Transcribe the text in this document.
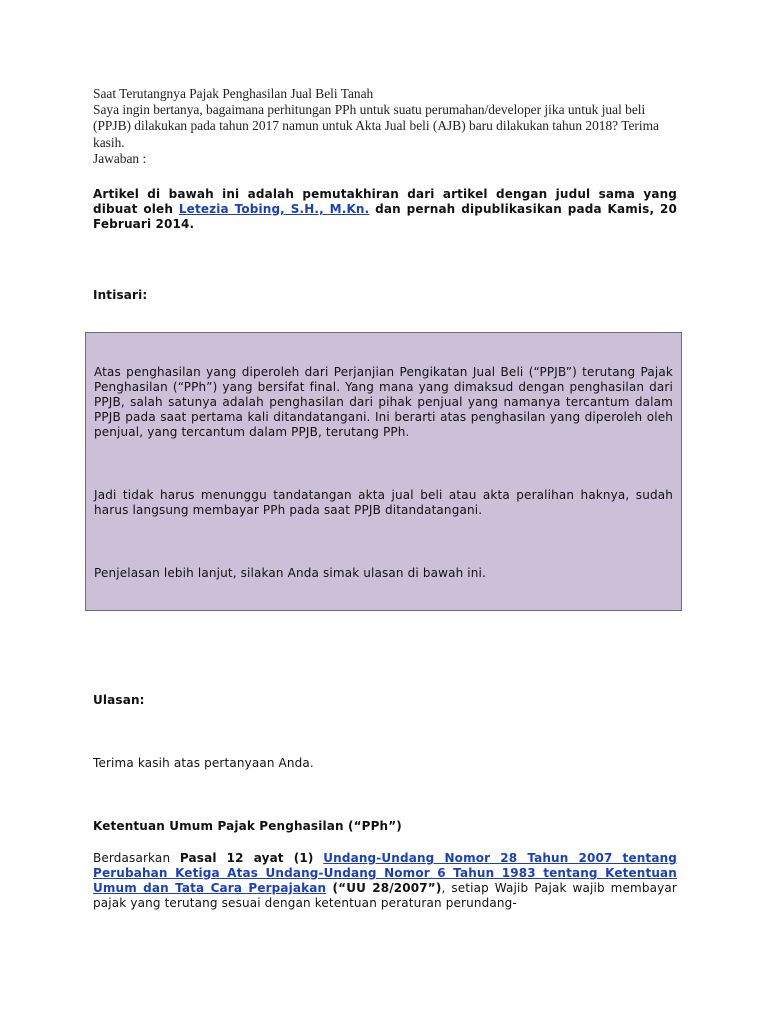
Saat Terutangnya Pajak Penghasilan Jual Beli Tanah

Saya ingin bertanya, bagaimana perhitungan PPh untuk suatu perumahan/developer jika untuk jual beli (PPJB) dilakukan pada tahun 2017 namun untuk Akta Jual beli (AJB) baru dilakukan tahun 2018? Terima kasih.

Jawaban :

Artikel di bawah ini adalah pemutakhiran dari artikel dengan judul sama yang dibuat oleh Letezia Tobing, S.H., M.Kn. dan pernah dipublikasikan pada Kamis, 20 Februari 2014.

Intisari:

Atas penghasilan yang diperoleh dari Perjanjian Pengikatan Jual Beli (“PPJB”) terutang Pajak Penghasilan (“PPh”) yang bersifat final. Yang mana yang dimaksud dengan penghasilan dari PPJB, salah satunya adalah penghasilan dari pihak penjual yang namanya tercantum dalam PPJB pada saat pertama kali ditandatangani. Ini berarti atas penghasilan yang diperoleh oleh penjual, yang tercantum dalam PPJB, terutang PPh.

Jadi tidak harus menunggu tandatangan akta jual beli atau akta peralihan haknya, sudah harus langsung membayar PPh pada saat PPJB ditandatangani.

Penjelasan lebih lanjut, silakan Anda simak ulasan di bawah ini.

Ulasan:

Terima kasih atas pertanyaan Anda.

Ketentuan Umum Pajak Penghasilan (“PPh”)

Berdasarkan Pasal 12 ayat (1) Undang-Undang Nomor 28 Tahun 2007 tentang Perubahan Ketiga Atas Undang-Undang Nomor 6 Tahun 1983 tentang Ketentuan Umum dan Tata Cara Perpajakan (“UU 28/2007”), setiap Wajib Pajak wajib membayar pajak yang terutang sesuai dengan ketentuan peraturan perundang-
